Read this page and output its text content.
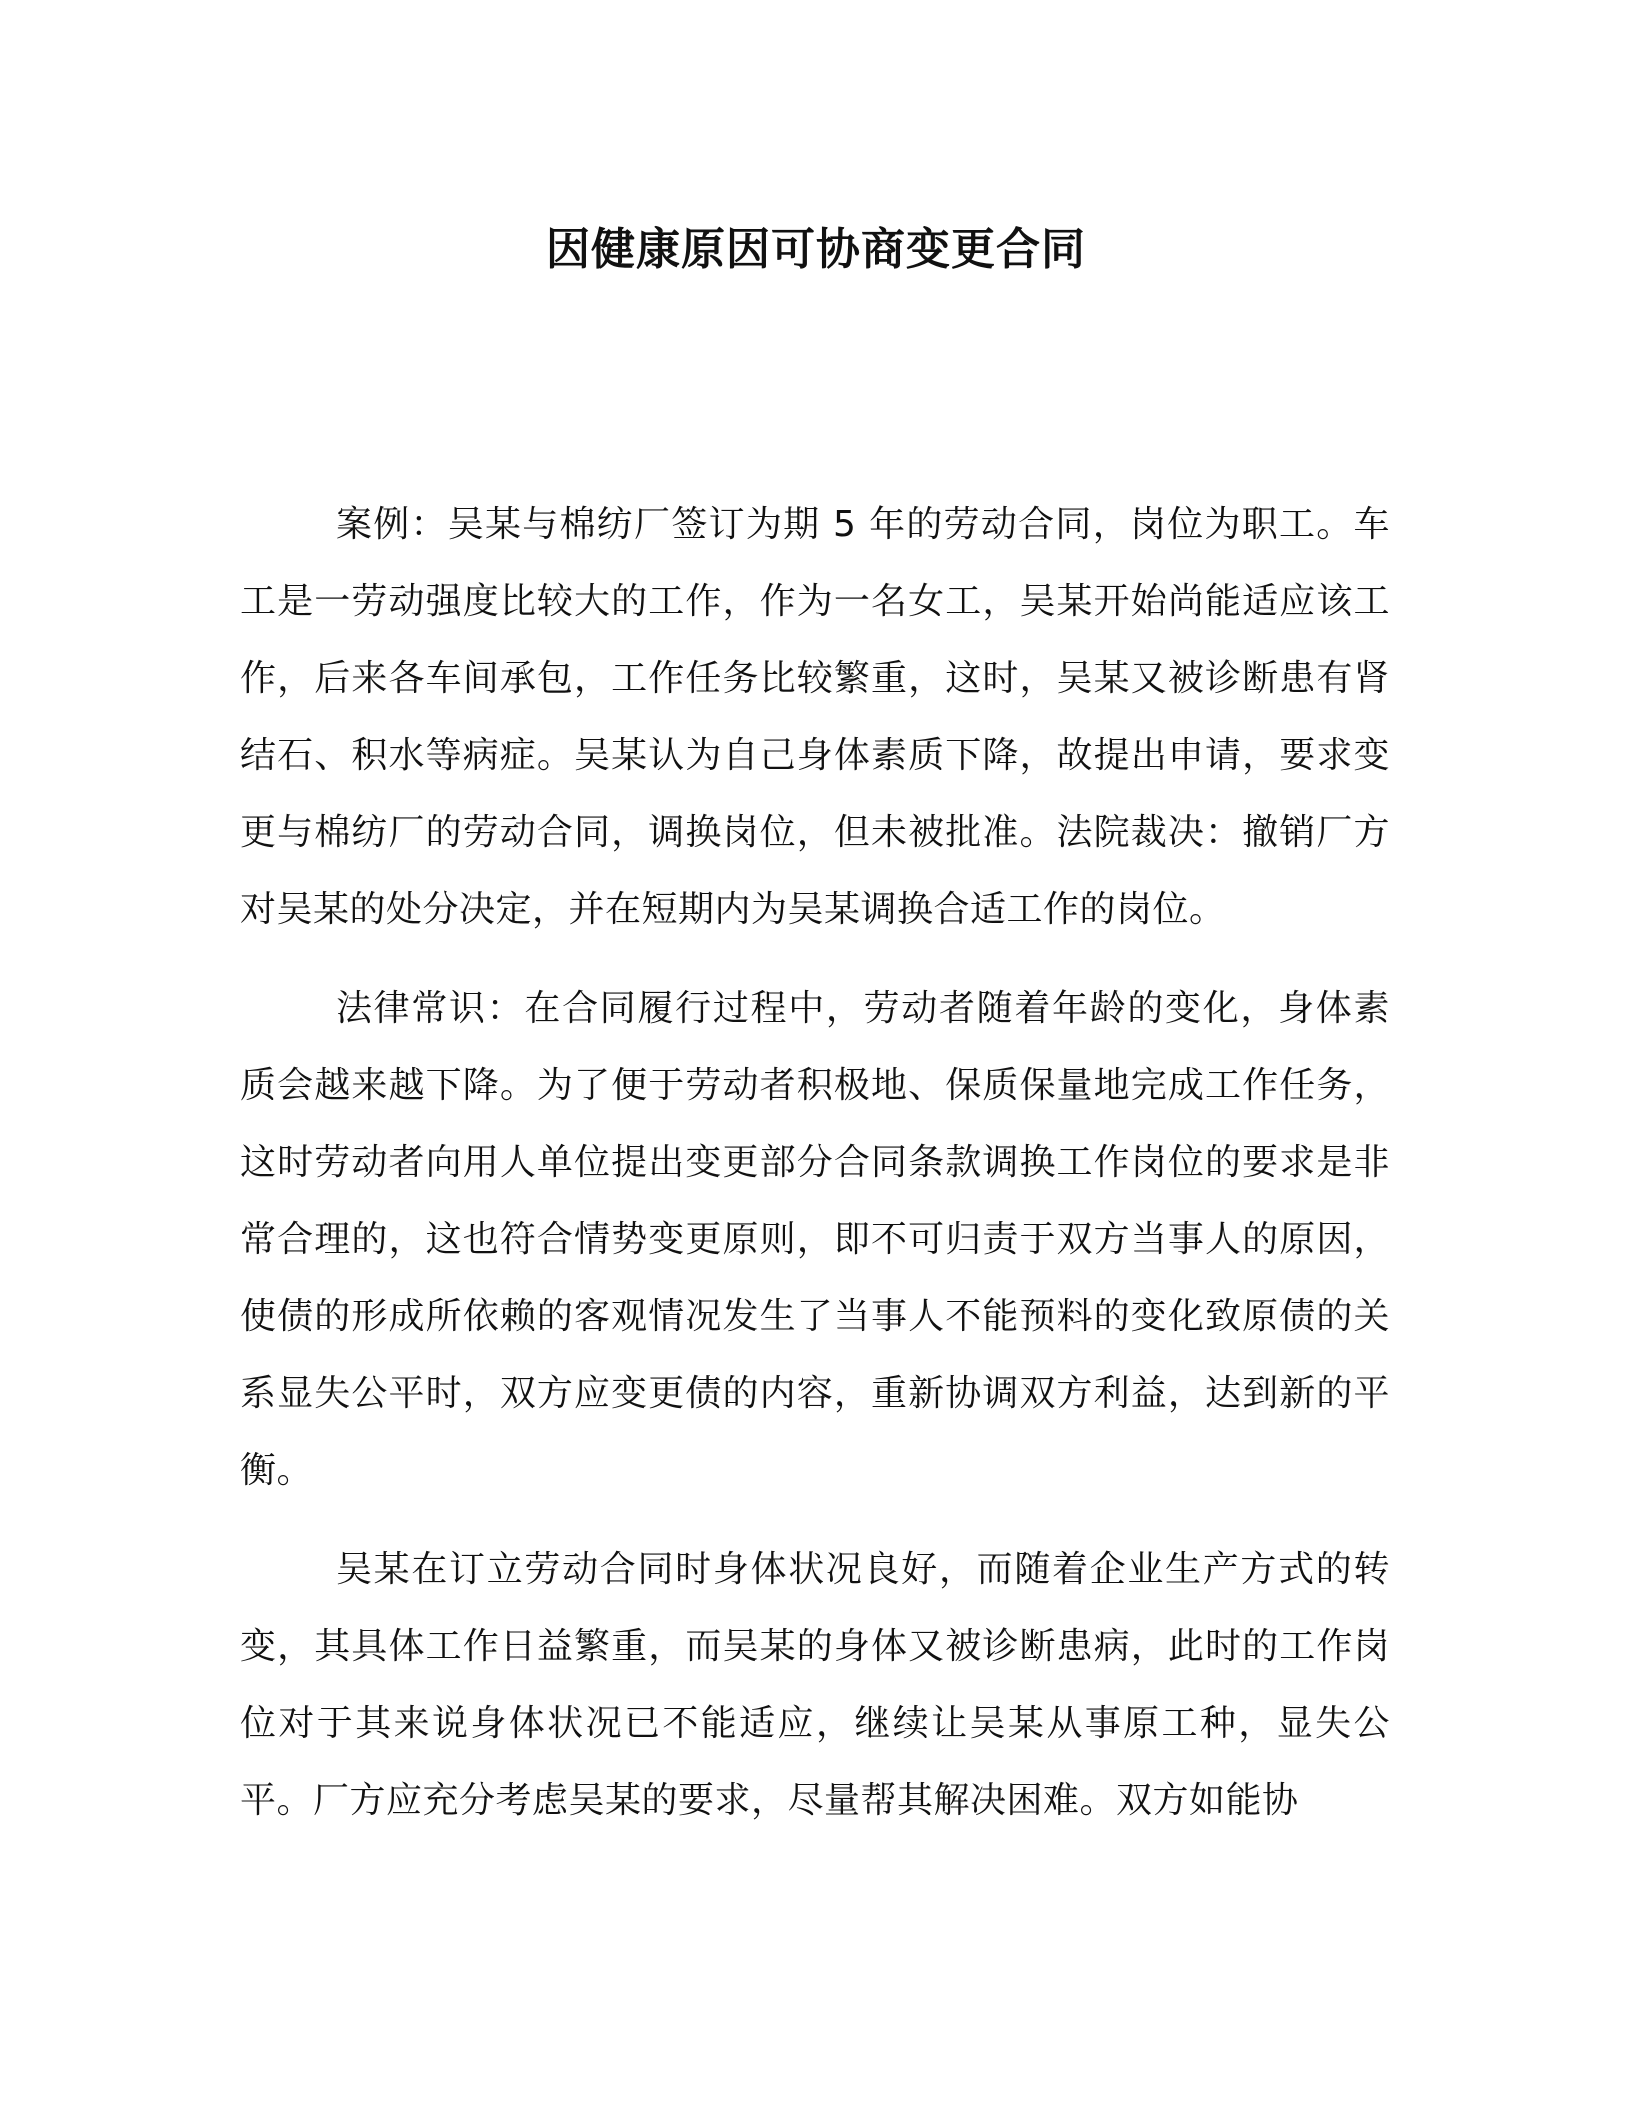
因健康原因可协商变更合同

案例：吴某与棉纺厂签订为期 5 年的劳动合同，岗位为职工。车工是一劳动强度比较大的工作，作为一名女工，吴某开始尚能适应该工作，后来各车间承包，工作任务比较繁重，这时，吴某又被诊断患有肾结石、积水等病症。吴某认为自己身体素质下降，故提出申请，要求变更与棉纺厂的劳动合同，调换岗位，但未被批准。法院裁决：撤销厂方对吴某的处分决定，并在短期内为吴某调换合适工作的岗位。

法律常识：在合同履行过程中，劳动者随着年龄的变化，身体素质会越来越下降。为了便于劳动者积极地、保质保量地完成工作任务，这时劳动者向用人单位提出变更部分合同条款调换工作岗位的要求是非常合理的，这也符合情势变更原则，即不可归责于双方当事人的原因，使债的形成所依赖的客观情况发生了当事人不能预料的变化致原债的关系显失公平时，双方应变更债的内容，重新协调双方利益，达到新的平衡。

吴某在订立劳动合同时身体状况良好，而随着企业生产方式的转变，其具体工作日益繁重，而吴某的身体又被诊断患病，此时的工作岗位对于其来说身体状况已不能适应，继续让吴某从事原工种，显失公平。厂方应充分考虑吴某的要求，尽量帮其解决困难。双方如能协
